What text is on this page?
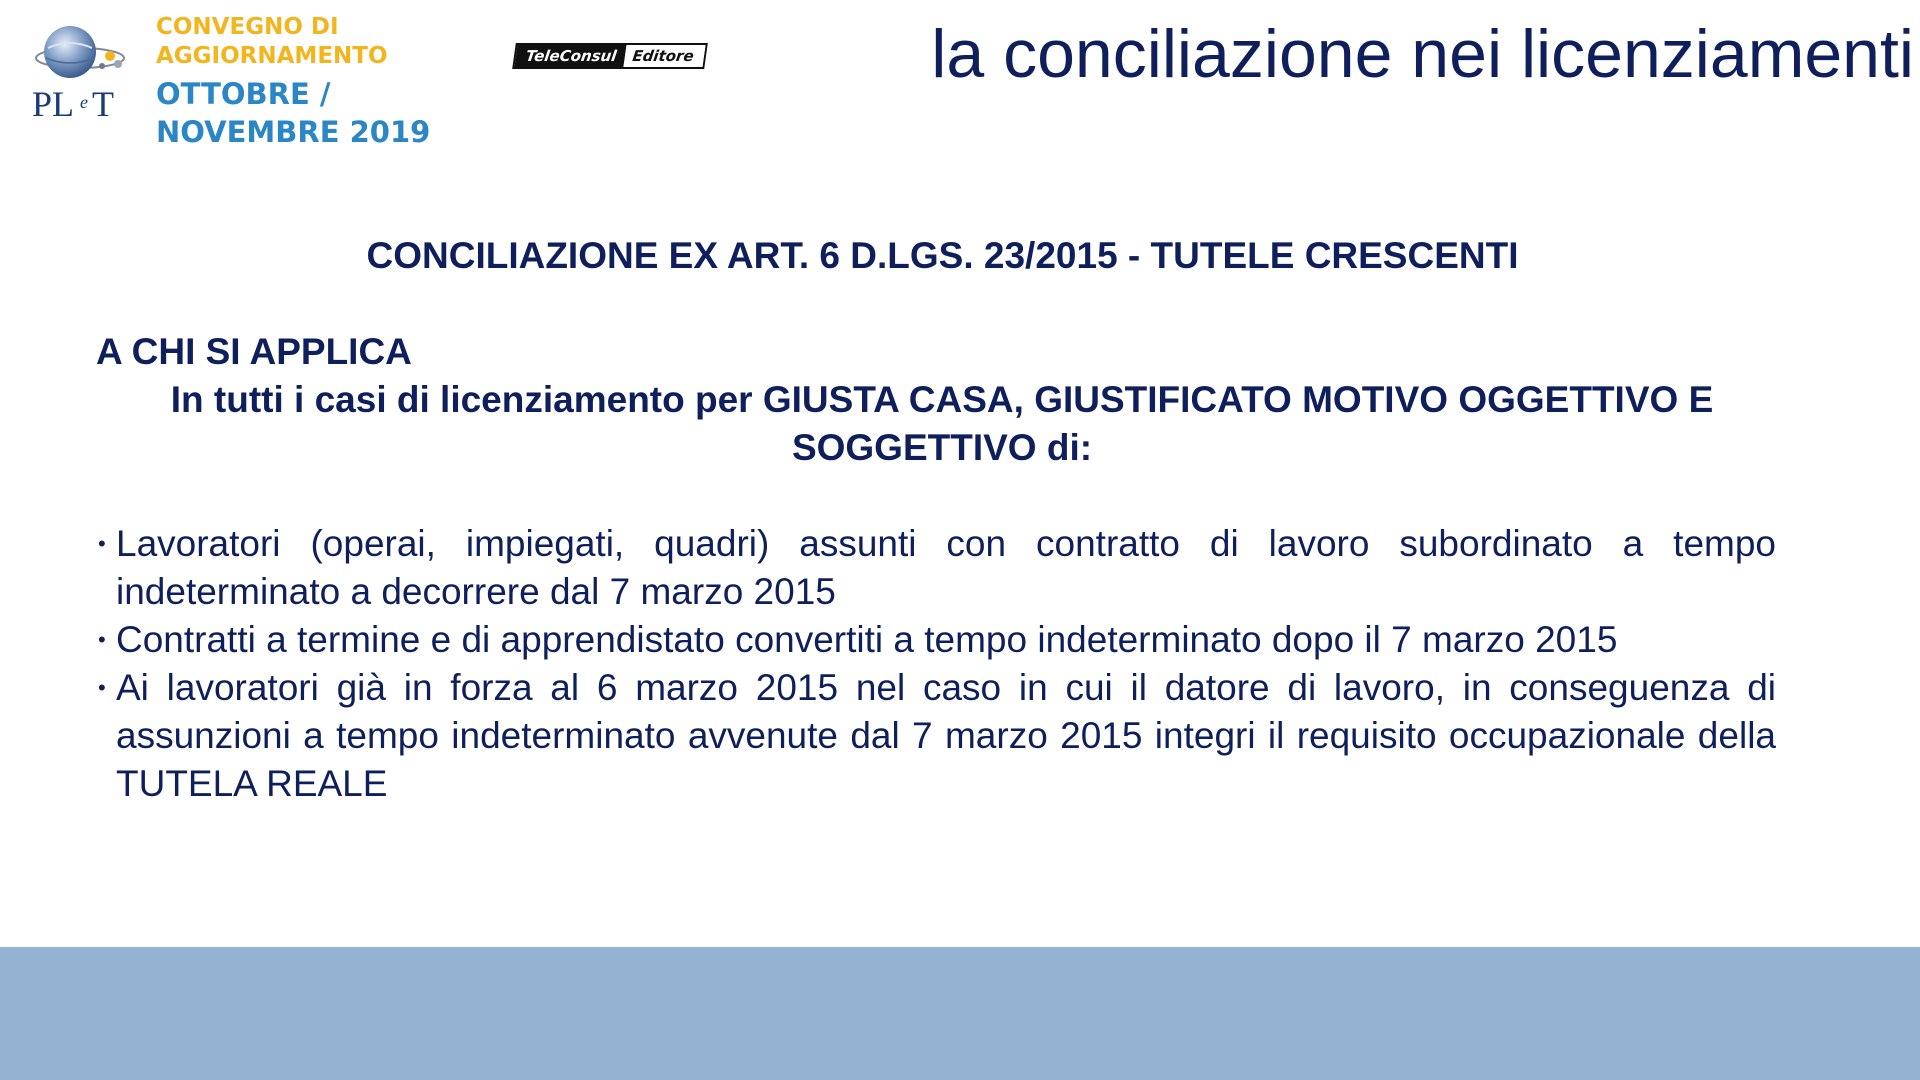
PL e T
CONVEGNO DI
AGGIORNAMENTO
OTTOBRE /
NOVEMBRE 2019
TeleConsul Editore	la conciliazione nei licenziamenti
CONCILIAZIONE EX ART. 6 D.LGS. 23/2015 - TUTELE CRESCENTI
A CHI SI APPLICA
In tutti i casi di licenziamento per GIUSTA CASA, GIUSTIFICATO MOTIVO OGGETTIVO E SOGGETTIVO di:
• Lavoratori (operai, impiegati, quadri) assunti con contratto di lavoro subordinato a tempo indeterminato a decorrere dal 7 marzo 2015
• Contratti a termine e di apprendistato convertiti a tempo indeterminato dopo il 7 marzo 2015
• Ai lavoratori già in forza al 6 marzo 2015 nel caso in cui il datore di lavoro, in conseguenza di assunzioni a tempo indeterminato avvenute dal 7 marzo 2015 integri il requisito occupazionale della TUTELA REALE
